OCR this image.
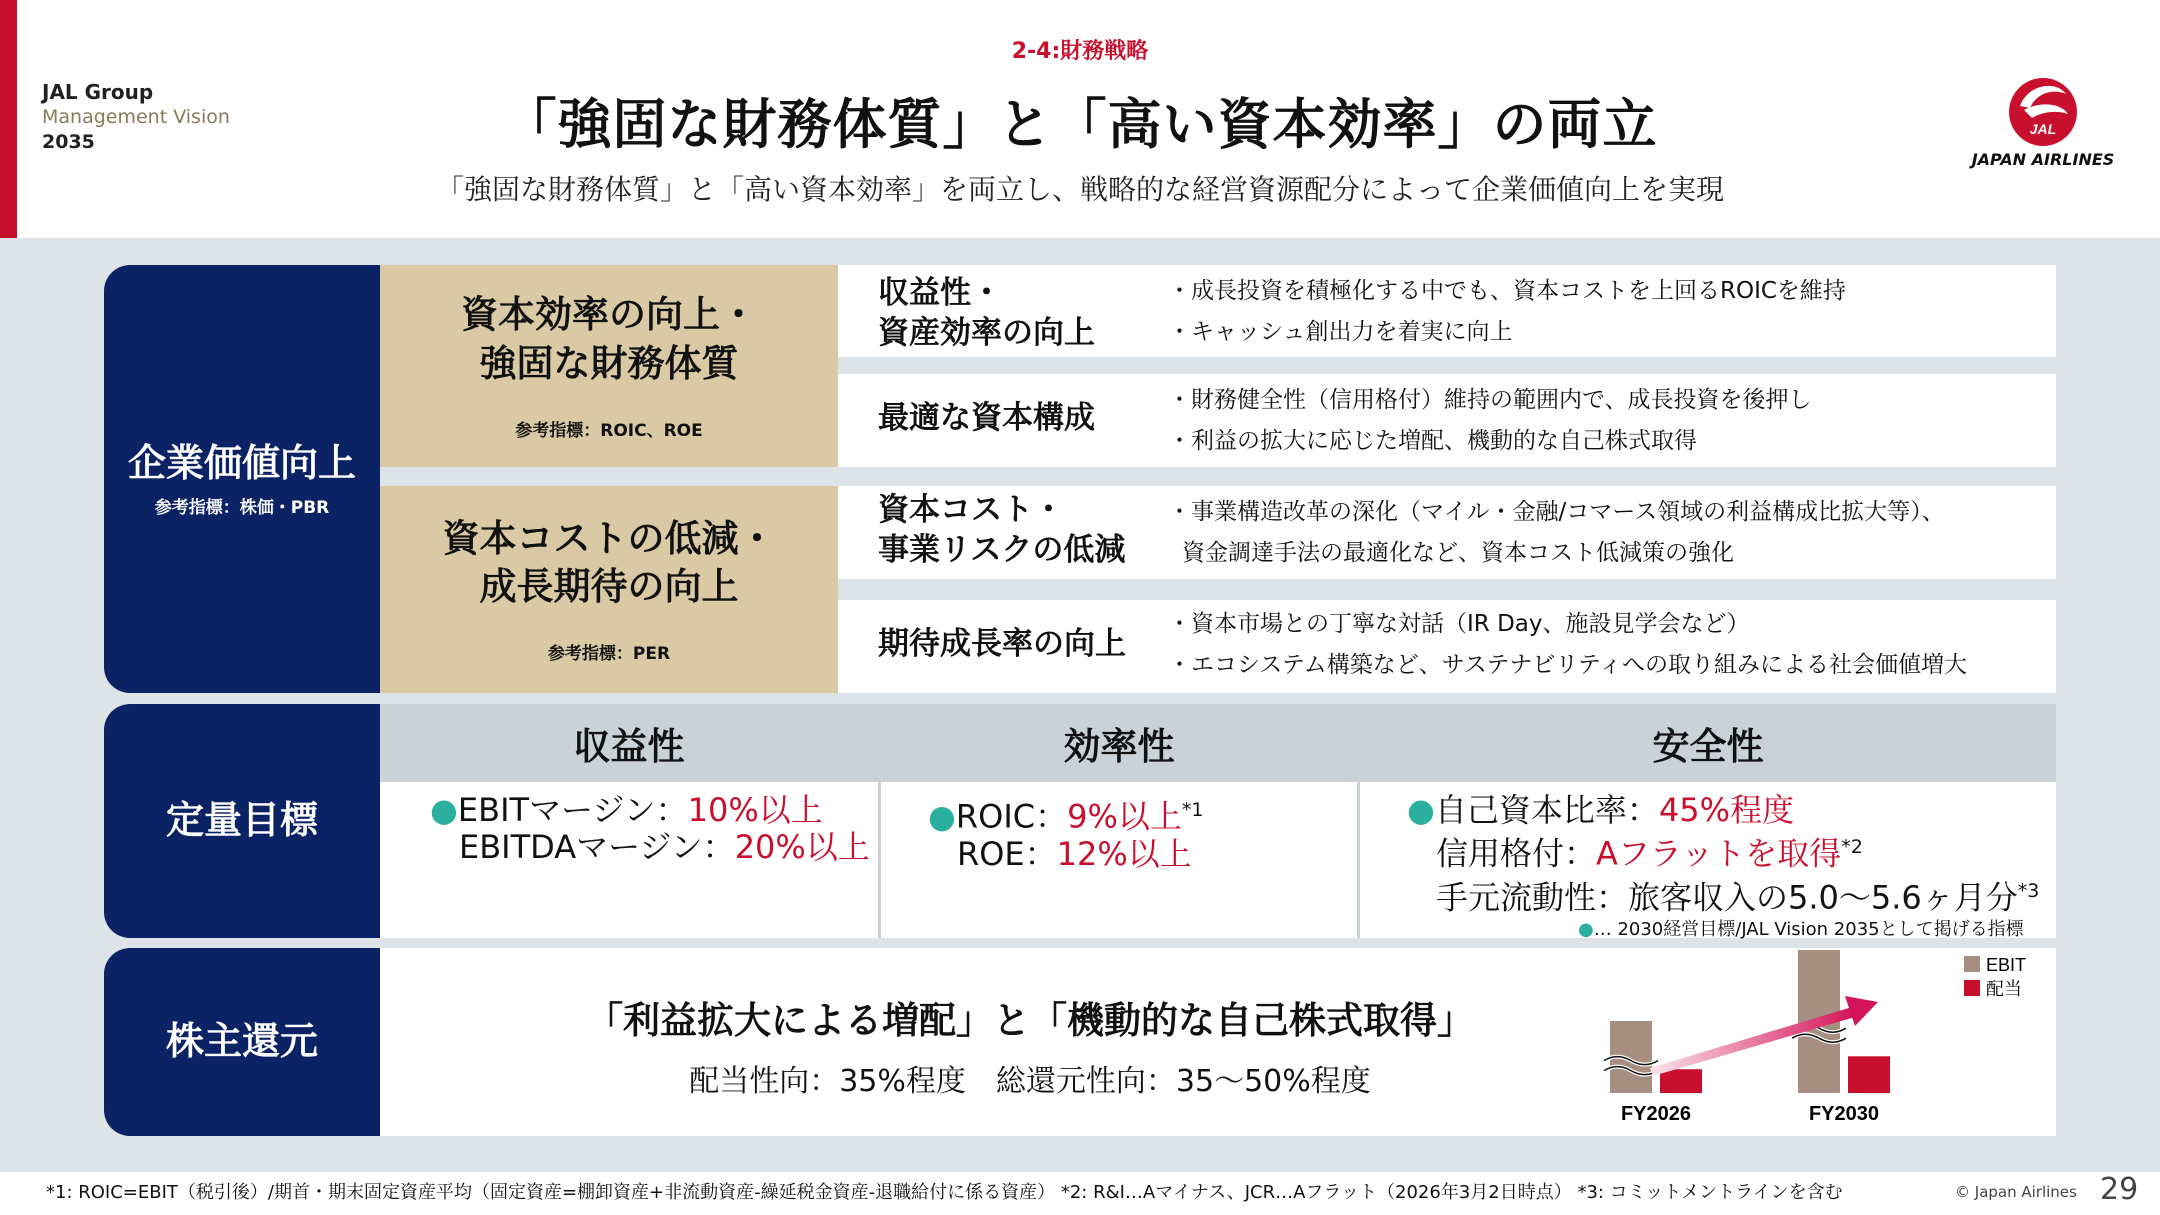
JAL Group
Management Vision
2035
2-4:財務戦略
「強固な財務体質」と「高い資本効率」の両立
「強固な財務体質」と「高い資本効率」を両立し、戦略的な経営資源配分によって企業価値向上を実現
JAL
JAPAN AIRLINES
企業価値向上
参考指標：株価・PBR
資本効率の向上・
強固な財務体質
参考指標：ROIC、ROE
資本コストの低減・
成長期待の向上
参考指標：PER
収益性・
資産効率の向上
・成長投資を積極化する中でも、資本コストを上回るROICを維持
・キャッシュ創出力を着実に向上
最適な資本構成	・財務健全性（信用格付）維持の範囲内で、成長投資を後押し
・利益の拡大に応じた増配、機動的な自己株式取得
資本コスト・
事業リスクの低減
・事業構造改革の深化（マイル・金融/コマース領域の利益構成比拡大等）、
資金調達手法の最適化など、資本コスト低減策の強化
期待成長率の向上
・資本市場との丁寧な対話（IR Day、施設見学会など）
・エコシステム構築など、サステナビリティへの取り組みによる社会価値増大
定量目標
収益性	効率性	安全性
●EBITマージン：10%以上
EBITDAマージン：20%以上
●ROIC：9%以上$^{*1}$
ROE：12%以上
●自己資本比率：45%程度
信用格付：Aフラットを取得$^{*2}$
手元流動性：旅客収入の5.0～5.6ヶ月分$^{*3}$
●… 2030経営目標/JAL Vision 2035として掲げる指標
株主還元	「利益拡大による増配」と「機動的な自己株式取得」
配当性向：35%程度　総還元性向：35～50%程度
FY2026	FY2030
EBIT
配当
*1: ROIC=EBIT（税引後）/期首・期末固定資産平均（固定資産=棚卸資産+非流動資産-繰延税金資産-退職給付に係る資産） *2: R&I…Aマイナス、JCR…Aフラット（2026年3月2日時点） *3: コミットメントラインを含む	© Japan Airlines 29
